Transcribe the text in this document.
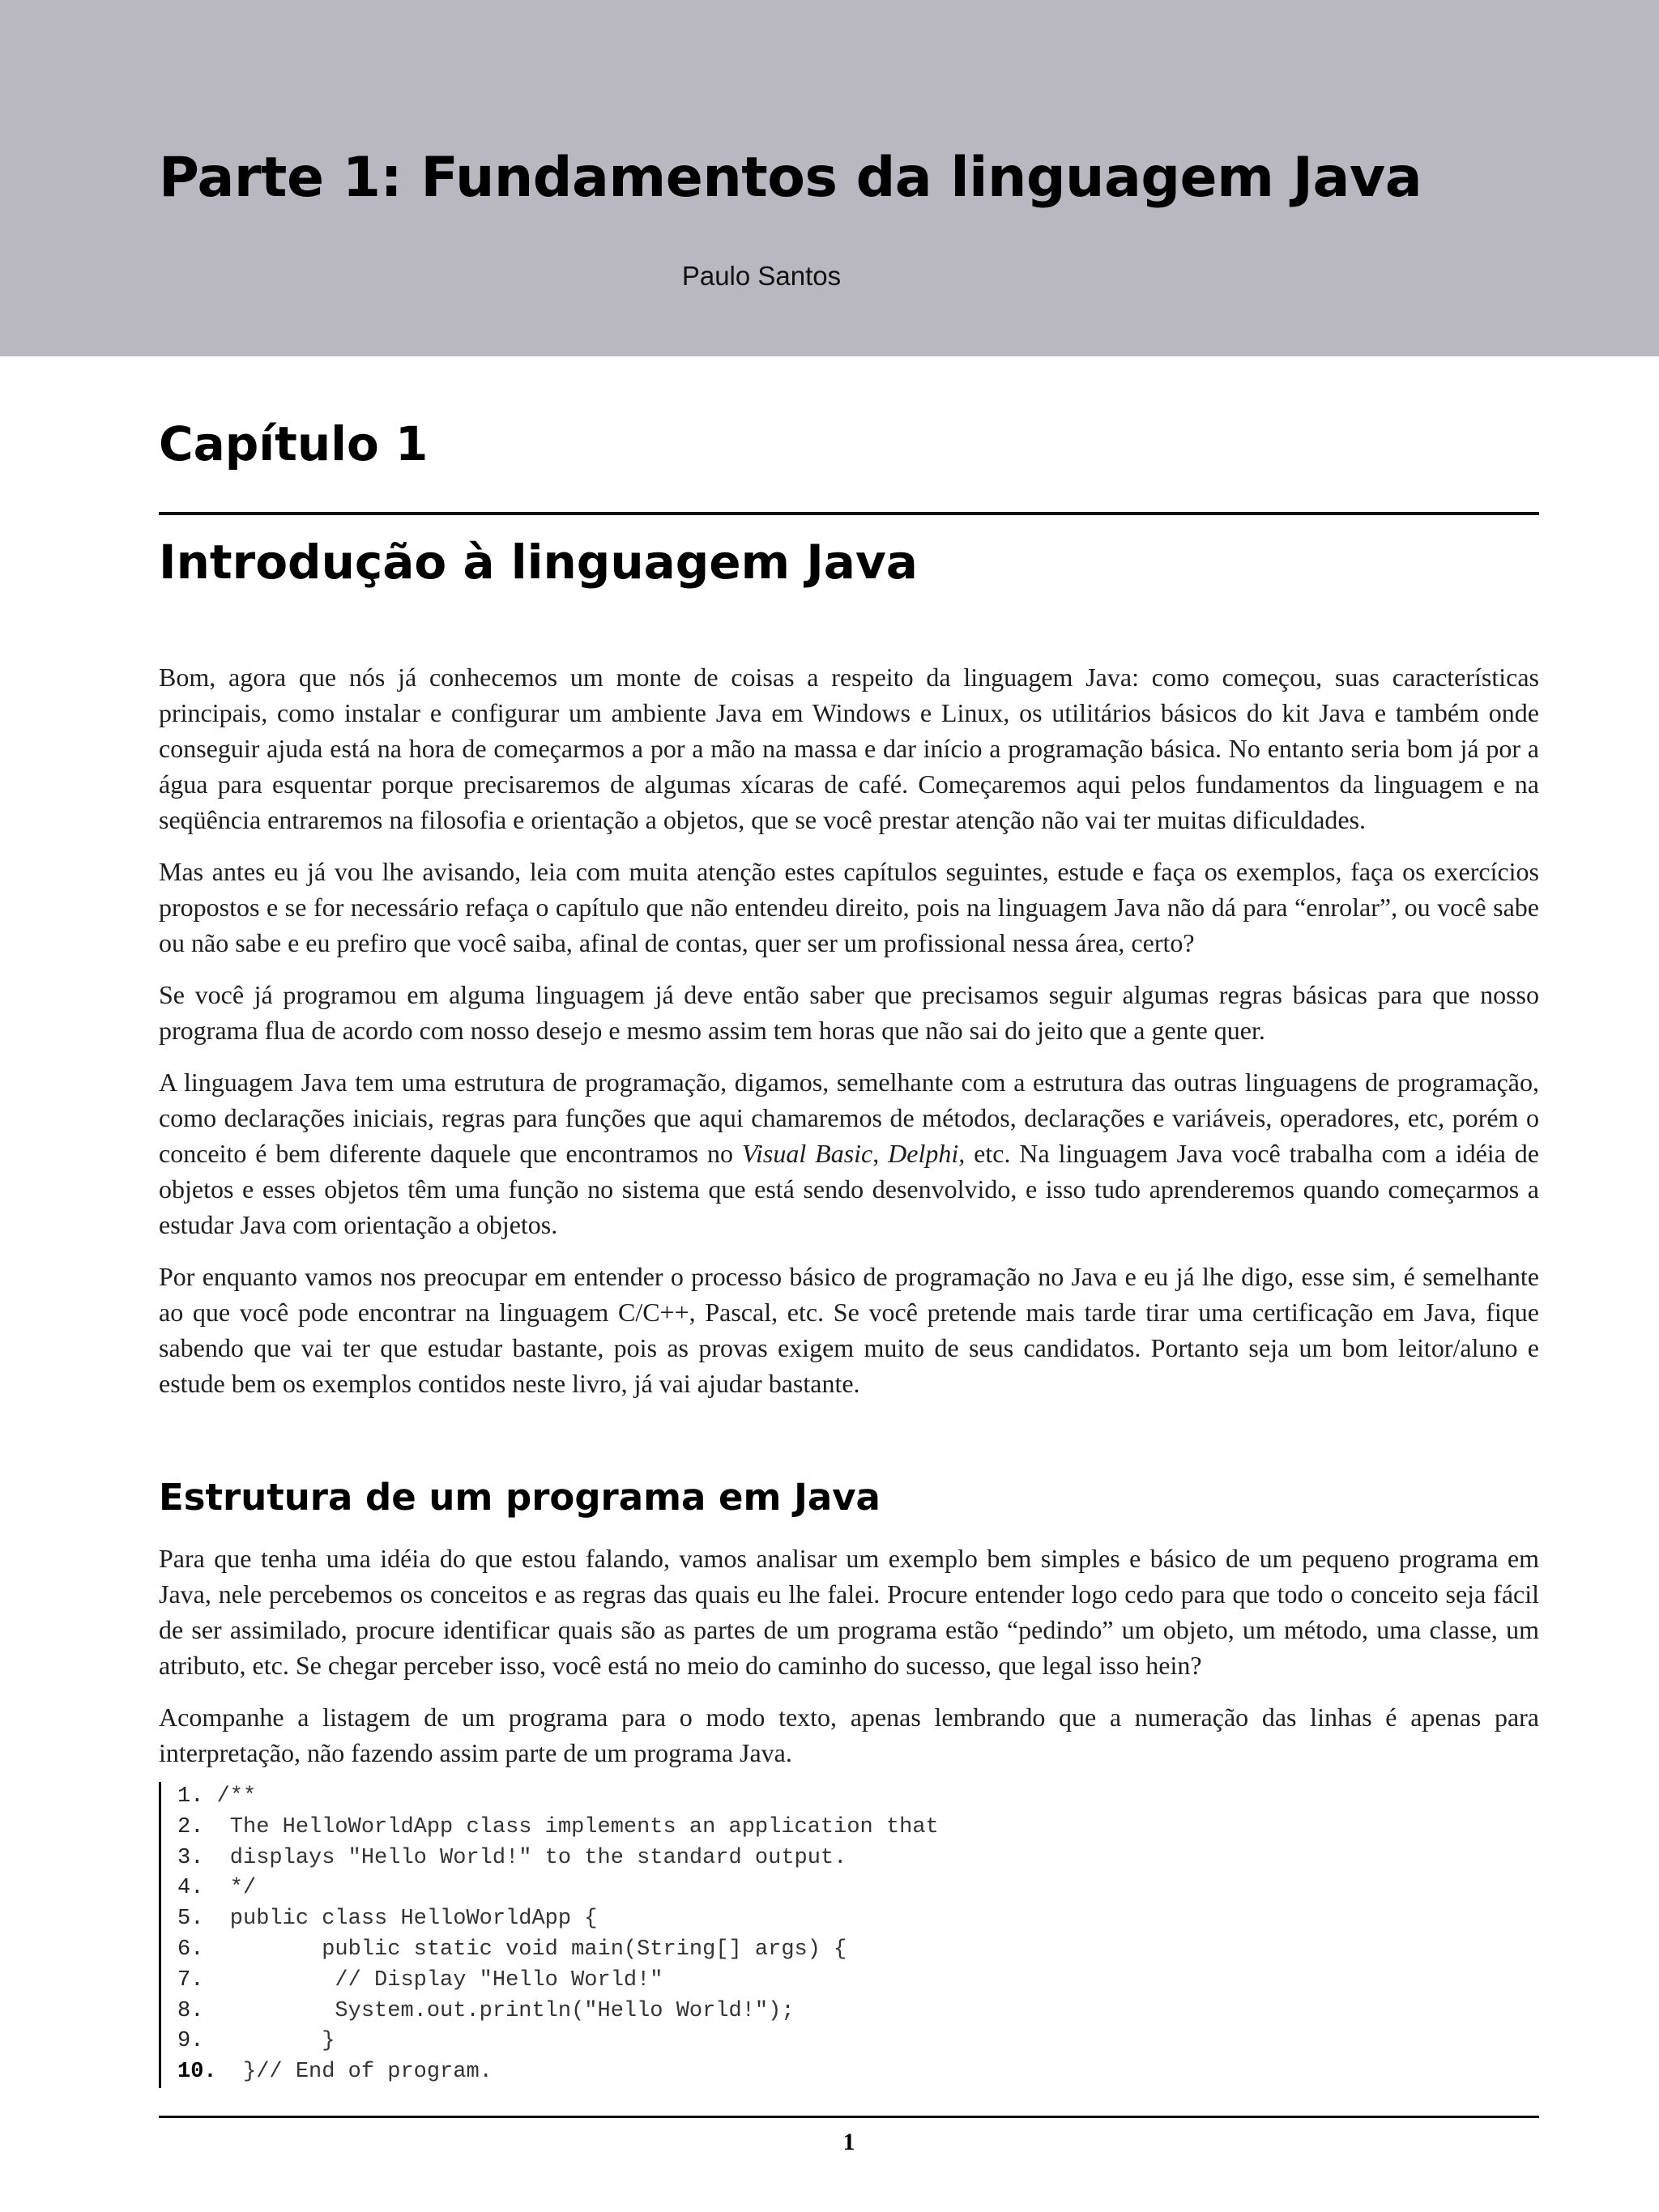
Parte 1: Fundamentos da linguagem Java
Paulo Santos
Capítulo 1
Introdução à linguagem Java

Bom, agora que nós já conhecemos um monte de coisas a respeito da linguagem Java: como começou, suas características principais, como instalar e configurar um ambiente Java em Windows e Linux, os utilitários básicos do kit Java e também onde conseguir ajuda está na hora de começarmos a por a mão na massa e dar início a programação básica. No entanto seria bom já por a água para esquentar porque precisaremos de algumas xícaras de café. Começaremos aqui pelos fundamentos da linguagem e na seqüência entraremos na filosofia e orientação a objetos, que se você prestar atenção não vai ter muitas dificuldades.

Mas antes eu já vou lhe avisando, leia com muita atenção estes capítulos seguintes, estude e faça os exemplos, faça os exercícios propostos e se for necessário refaça o capítulo que não entendeu direito, pois na linguagem Java não dá para “enrolar”, ou você sabe ou não sabe e eu prefiro que você saiba, afinal de contas, quer ser um profissional nessa área, certo?

Se você já programou em alguma linguagem já deve então saber que precisamos seguir algumas regras básicas para que nosso programa flua de acordo com nosso desejo e mesmo assim tem horas que não sai do jeito que a gente quer.

A linguagem Java tem uma estrutura de programação, digamos, semelhante com a estrutura das outras linguagens de programação, como declarações iniciais, regras para funções que aqui chamaremos de métodos, declarações e variáveis, operadores, etc, porém o conceito é bem diferente daquele que encontramos no Visual Basic, Delphi, etc. Na linguagem Java você trabalha com a idéia de objetos e esses objetos têm uma função no sistema que está sendo desenvolvido, e isso tudo aprenderemos quando começarmos a estudar Java com orientação a objetos.

Por enquanto vamos nos preocupar em entender o processo básico de programação no Java e eu já lhe digo, esse sim, é semelhante ao que você pode encontrar na linguagem C/C++, Pascal, etc. Se você pretende mais tarde tirar uma certificação em Java, fique sabendo que vai ter que estudar bastante, pois as provas exigem muito de seus candidatos. Portanto seja um bom leitor/aluno e estude bem os exemplos contidos neste livro, já vai ajudar bastante.

Estrutura de um programa em Java

Para que tenha uma idéia do que estou falando, vamos analisar um exemplo bem simples e básico de um pequeno programa em Java, nele percebemos os conceitos e as regras das quais eu lhe falei. Procure entender logo cedo para que todo o conceito seja fácil de ser assimilado, procure identificar quais são as partes de um programa estão “pedindo” um objeto, um método, uma classe, um atributo, etc. Se chegar perceber isso, você está no meio do caminho do sucesso, que legal isso hein?

Acompanhe a listagem de um programa para o modo texto, apenas lembrando que a numeração das linhas é apenas para interpretação, não fazendo assim parte de um programa Java.

1. /**
2.  The HelloWorldApp class implements an application that
3.  displays "Hello World!" to the standard output.
4.  */
5.  public class HelloWorldApp {
6.         public static void main(String[] args) {
7.          // Display "Hello World!"
8.          System.out.println("Hello World!");
9.         }
10.  }// End of program.
1
